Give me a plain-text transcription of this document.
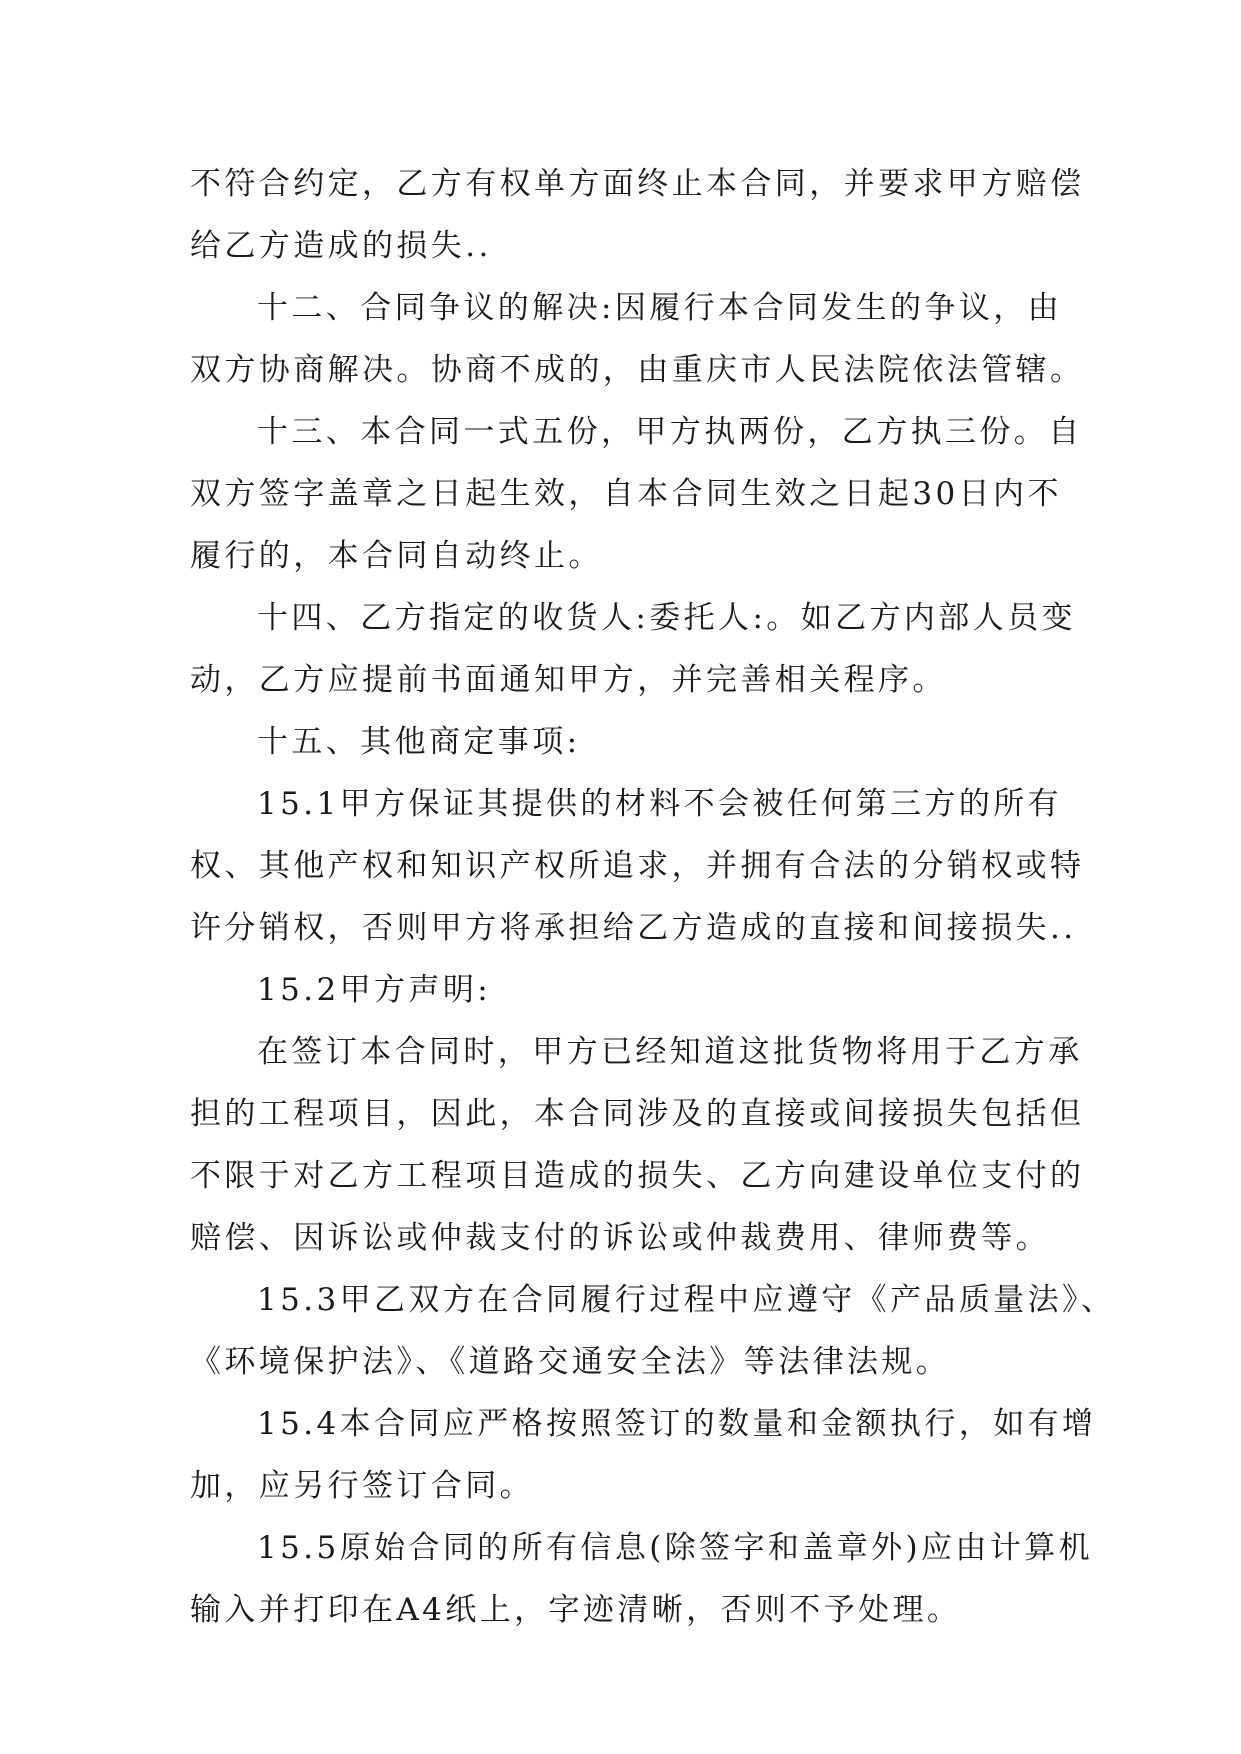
不符合约定，乙方有权单方面终止本合同，并要求甲方赔偿
给乙方造成的损失..
十二、合同争议的解决:因履行本合同发生的争议，由
双方协商解决。协商不成的，由重庆市人民法院依法管辖。
十三、本合同一式五份，甲方执两份，乙方执三份。自
双方签字盖章之日起生效，自本合同生效之日起30日内不
履行的，本合同自动终止。
十四、乙方指定的收货人:委托人:。如乙方内部人员变
动，乙方应提前书面通知甲方，并完善相关程序。
十五、其他商定事项:
15.1甲方保证其提供的材料不会被任何第三方的所有
权、其他产权和知识产权所追求，并拥有合法的分销权或特
许分销权，否则甲方将承担给乙方造成的直接和间接损失..
15.2甲方声明:
在签订本合同时，甲方已经知道这批货物将用于乙方承
担的工程项目，因此，本合同涉及的直接或间接损失包括但
不限于对乙方工程项目造成的损失、乙方向建设单位支付的
赔偿、因诉讼或仲裁支付的诉讼或仲裁费用、律师费等。
15.3甲乙双方在合同履行过程中应遵守《产品质量法》、
《环境保护法》、《道路交通安全法》等法律法规。
15.4本合同应严格按照签订的数量和金额执行，如有增
加，应另行签订合同。
15.5原始合同的所有信息(除签字和盖章外)应由计算机
输入并打印在A4纸上，字迹清晰，否则不予处理。
